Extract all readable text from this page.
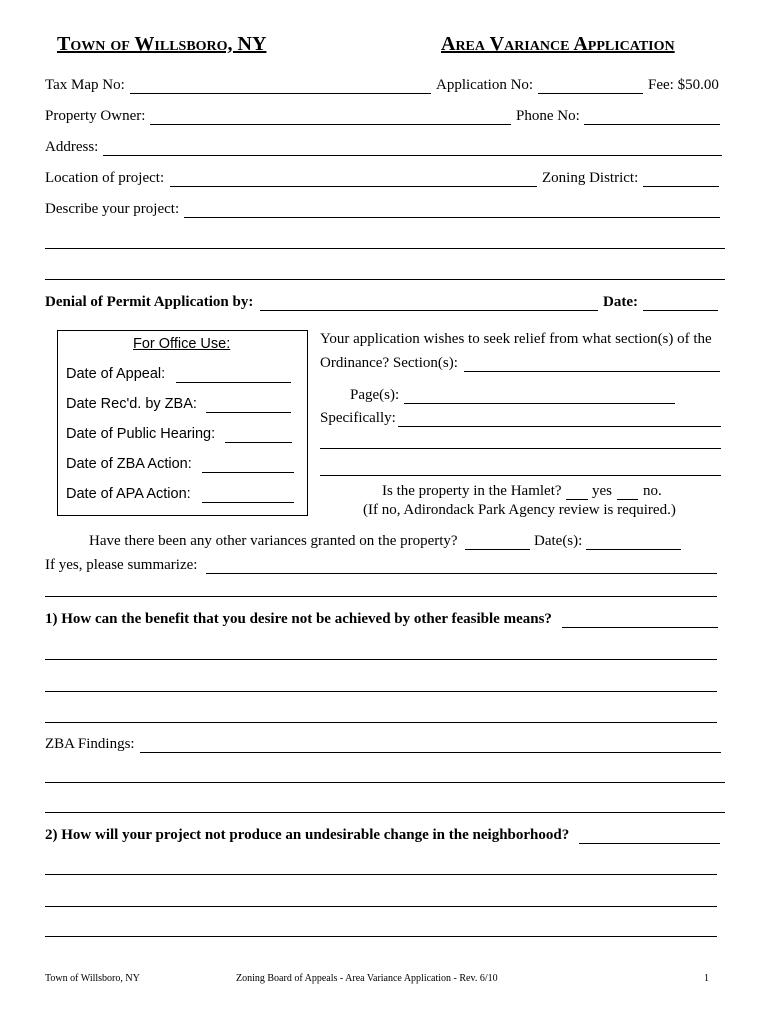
Town of Willsboro, NY	Area Variance Application
Tax Map No:	Application No:	Fee: $50.00
Property Owner:	Phone No:
Address:
Location of project:	Zoning District:
Describe your project:
Denial of Permit Application by:	Date:
For Office Use:
Date of Appeal:
Date Rec'd. by ZBA:
Date of Public Hearing:
Date of ZBA Action:
Date of APA Action:
Your application wishes to seek relief from what section(s) of the
Ordinance? Section(s):
Page(s):
Specifically:
Is the property in the Hamlet? yes no.
(If no, Adirondack Park Agency review is required.)
Have there been any other variances granted on the property?	Date(s):
If yes, please summarize:
1) How can the benefit that you desire not be achieved by other feasible means?
ZBA Findings:
2) How will your project not produce an undesirable change in the neighborhood?
Town of Willsboro, NY	Zoning Board of Appeals - Area Variance Application - Rev. 6/10	1
